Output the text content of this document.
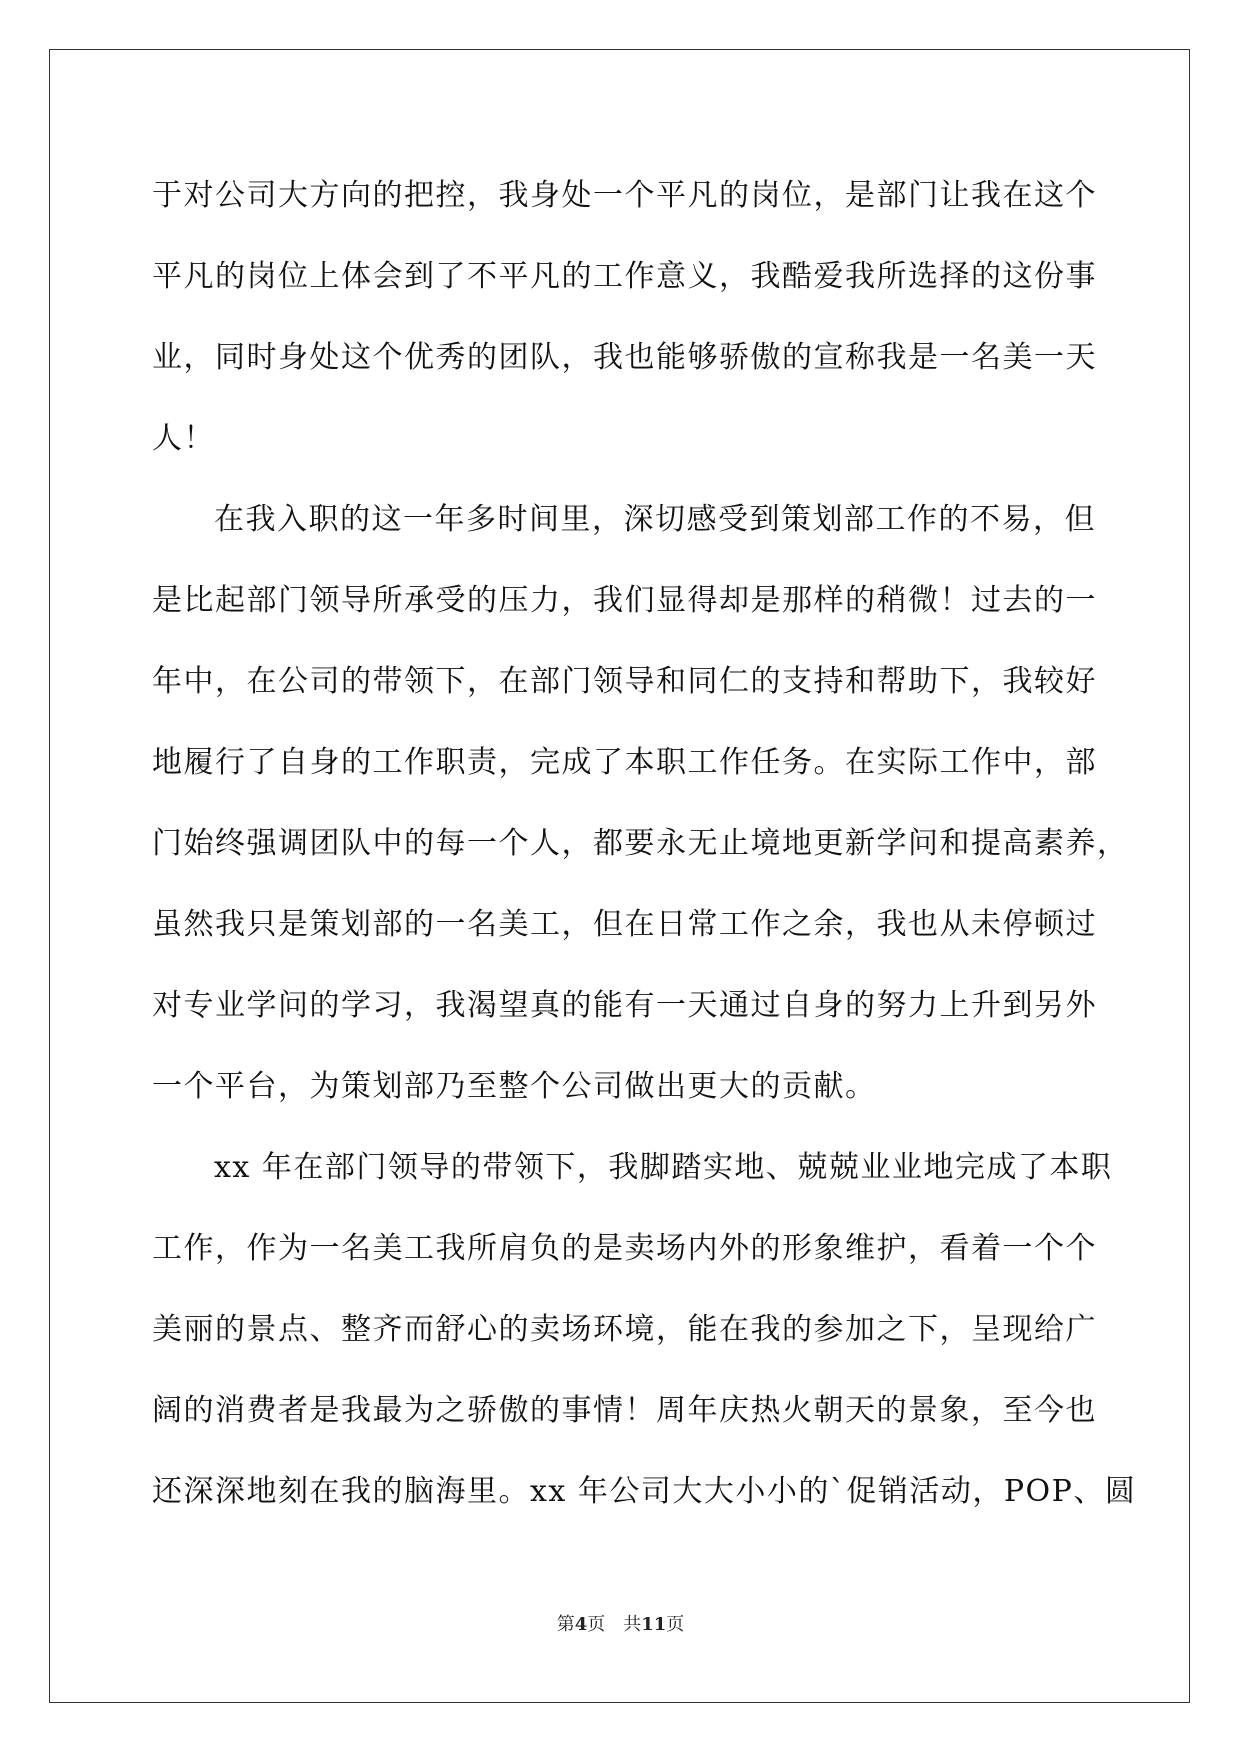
于对公司大方向的把控，我身处一个平凡的岗位，是部门让我在这个
平凡的岗位上体会到了不平凡的工作意义，我酷爱我所选择的这份事
业，同时身处这个优秀的团队，我也能够骄傲的宣称我是一名美一天
人！
在我入职的这一年多时间里，深切感受到策划部工作的不易，但
是比起部门领导所承受的压力，我们显得却是那样的稍微！过去的一
年中，在公司的带领下，在部门领导和同仁的支持和帮助下，我较好
地履行了自身的工作职责，完成了本职工作任务。在实际工作中，部
门始终强调团队中的每一个人，都要永无止境地更新学问和提高素养，
虽然我只是策划部的一名美工，但在日常工作之余，我也从未停顿过
对专业学问的学习，我渴望真的能有一天通过自身的努力上升到另外
一个平台，为策划部乃至整个公司做出更大的贡献。
xx 年在部门领导的带领下，我脚踏实地、兢兢业业地完成了本职
工作，作为一名美工我所肩负的是卖场内外的形象维护，看着一个个
美丽的景点、整齐而舒心的卖场环境，能在我的参加之下，呈现给广
阔的消费者是我最为之骄傲的事情！周年庆热火朝天的景象，至今也
还深深地刻在我的脑海里。xx 年公司大大小小的`促销活动，POP、圆
第4页　共11页
